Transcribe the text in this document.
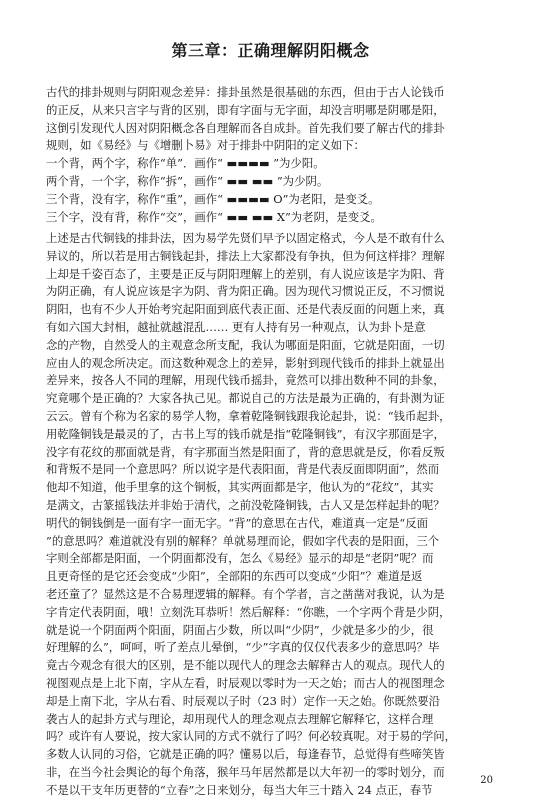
第三章：正确理解阴阳概念
古代的排卦规则与阴阳观念差异：排卦虽然是很基础的东西，但由于古人论钱币
的正反，从来只言字与背的区别，即有字面与无字面，却没言明哪是阴哪是阳，
这倒引发现代人因对阴阳概念各自理解而各自成卦。首先我们要了解古代的排卦
规则，如《易经》与《增删卜易》对于排卦中阴阳的定义如下：
一个背，两个字，称作“单”．画作“ ▬▬▬▬ ”为少阳。
两个背，一个字，称作“拆”，画作“ ▬▬ ▬▬ ”为少阴。
三个背，没有字，称作“重”，画作“ ▬▬▬▬ O”为老阳，是变爻。
三个字，没有背，称作“交”，画作“ ▬▬ ▬▬ X”为老阴，是变爻。
上述是古代铜钱的排卦法，因为易学先贤们早予以固定格式，今人是不敢有什么
异议的，所以若是用古铜钱起卦，排法上大家都没有争执，但为何这样排？理解
上却是千姿百态了，主要是正反与阴阳理解上的差别，有人说应该是字为阳、背
为阴正确，有人说应该是字为阴、背为阳正确。因为现代习惯说正反，不习惯说
阴阳，也有不少人开始考究起阳面到底代表正面、还是代表反面的问题上来，真
有如六国大封相，越扯就越混乱…… 更有人持有另一种观点，认为卦卜是意
念的产物，自然受人的主观意念所支配，我认为哪面是阳面，它就是阳面，一切
应由人的观念所决定。而这数种观念上的差异，影射到现代钱币的排卦上就显出
差异来，按各人不同的理解，用现代钱币摇卦，竟然可以排出数种不同的卦象，
究竟哪个是正确的？大家各执己见。都说自己的方法是最为正确的，有卦测为证
云云。曾有个称为名家的易学人物，拿着乾隆铜钱跟我论起卦，说：“钱币起卦，
用乾隆铜钱是最灵的了，古书上写的钱币就是指“乾隆铜钱”，有汉字那面是字，
没字有花纹的那面就是背，有字那面当然是阳面了，背的意思就是反，你看反叛
和背叛不是同一个意思吗？所以说字是代表阳面，背是代表反面即阴面”，然而
他却不知道，他手里拿的这个铜板，其实两面都是字，他认为的“花纹”，其实
是满文，古篆摇钱法并非始于清代，之前没乾隆铜钱，古人又是怎样起卦的呢？
明代的铜钱倒是一面有字一面无字。“背”的意思在古代，难道真一定是“反面
”的意思吗？难道就没有别的解释？单就易理而论，假如字代表的是阳面，三个
字则全部都是阳面，一个阴面都没有，怎么《易经》显示的却是“老阴”呢？而
且更奇怪的是它还会变成“少阳”，全部阳的东西可以变成“少阳”？难道是返
老还童了？显然这是不合易理逻辑的解释。有个学者，言之凿凿对我说，认为是
字肯定代表阴面，哦！立刻洗耳恭听！然后解释：“你瞧，一个字两个背是少阴，
就是说一个阴面两个阳面，阴面占少数，所以叫“少阴”，少就是多少的少，很
好理解的么”，呵呵，听了差点儿晕倒，“少”字真的仅仅代表多少的意思吗？毕
竟古今观念有很大的区别，是不能以现代人的理念去解释古人的观点。现代人的
视图观点是上北下南，字从左看，时辰观以零时为一天之始；而古人的视图理念
却是上南下北，字从右看、时辰观以子时（23 时）定作一天之始。你既然要沿
袭古人的起卦方式与理论，却用现代人的理念观点去理解它解释它，这样合理
吗？或许有人要说，按大家认同的方式不就行了吗？何必较真呢。对于易的学问，
多数人认同的习俗，它就是正确的吗？懂易以后，每逢春节，总觉得有些啼笑皆
非，在当今社会舆论的每个角落，猴年马年居然都是以大年初一的零时划分，而
不是以干支年历更替的“立春”之日来划分，每当大年三十踏入 24 点正，春节
20
